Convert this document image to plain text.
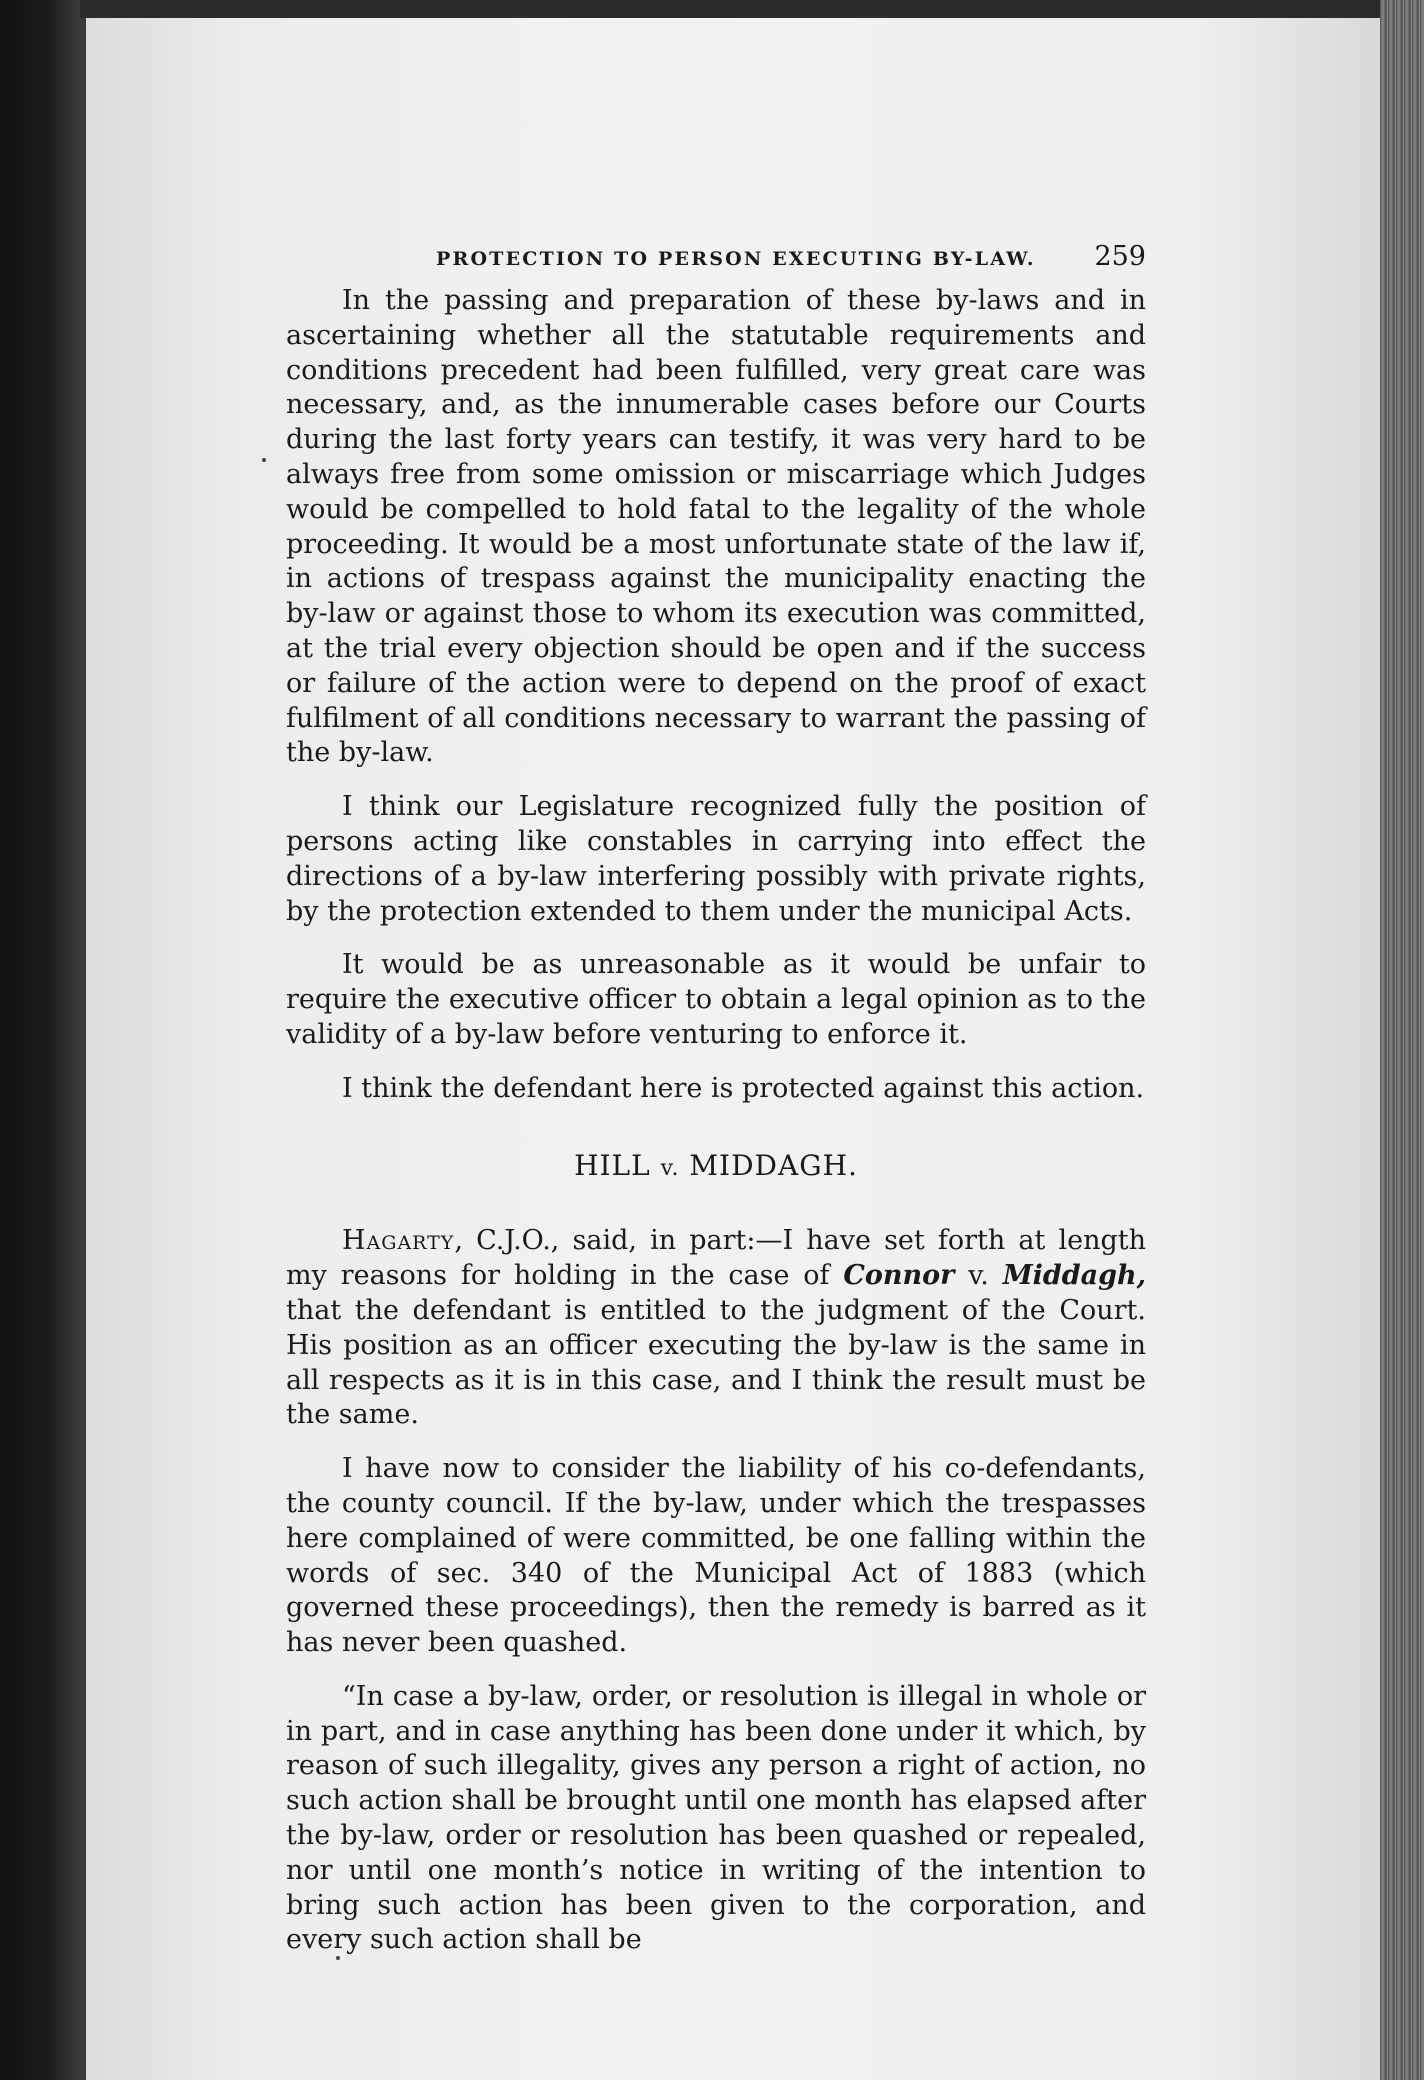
PROTECTION TO PERSON EXECUTING BY-LAW. 259

In the passing and preparation of these by-laws and in ascertaining whether all the statutable requirements and conditions precedent had been fulfilled, very great care was necessary, and, as the innumerable cases before our Courts during the last forty years can testify, it was very hard to be always free from some omission or miscarriage which Judges would be compelled to hold fatal to the legality of the whole proceeding. It would be a most unfortunate state of the law if, in actions of trespass against the municipality enacting the by-law or against those to whom its execution was committed, at the trial every objection should be open and if the success or failure of the action were to depend on the proof of exact fulfilment of all conditions necessary to warrant the passing of the by-law.

I think our Legislature recognized fully the position of persons acting like constables in carrying into effect the directions of a by-law interfering possibly with private rights, by the protection extended to them under the municipal Acts.

It would be as unreasonable as it would be unfair to require the executive officer to obtain a legal opinion as to the validity of a by-law before venturing to enforce it.

I think the defendant here is protected against this action.

HILL v. MIDDAGH.

Hagarty, C.J.O., said, in part:—I have set forth at length my reasons for holding in the case of Connor v. Middagh, that the defendant is entitled to the judgment of the Court. His position as an officer executing the by-law is the same in all respects as it is in this case, and I think the result must be the same.

I have now to consider the liability of his co-defendants, the county council. If the by-law, under which the trespasses here complained of were committed, be one falling within the words of sec. 340 of the Municipal Act of 1883 (which governed these proceedings), then the remedy is barred as it has never been quashed.

“In case a by-law, order, or resolution is illegal in whole or in part, and in case anything has been done under it which, by reason of such illegality, gives any person a right of action, no such action shall be brought until one month has elapsed after the by-law, order or resolution has been quashed or repealed, nor until one month’s notice in writing of the intention to bring such action has been given to the corporation, and every such action shall be
